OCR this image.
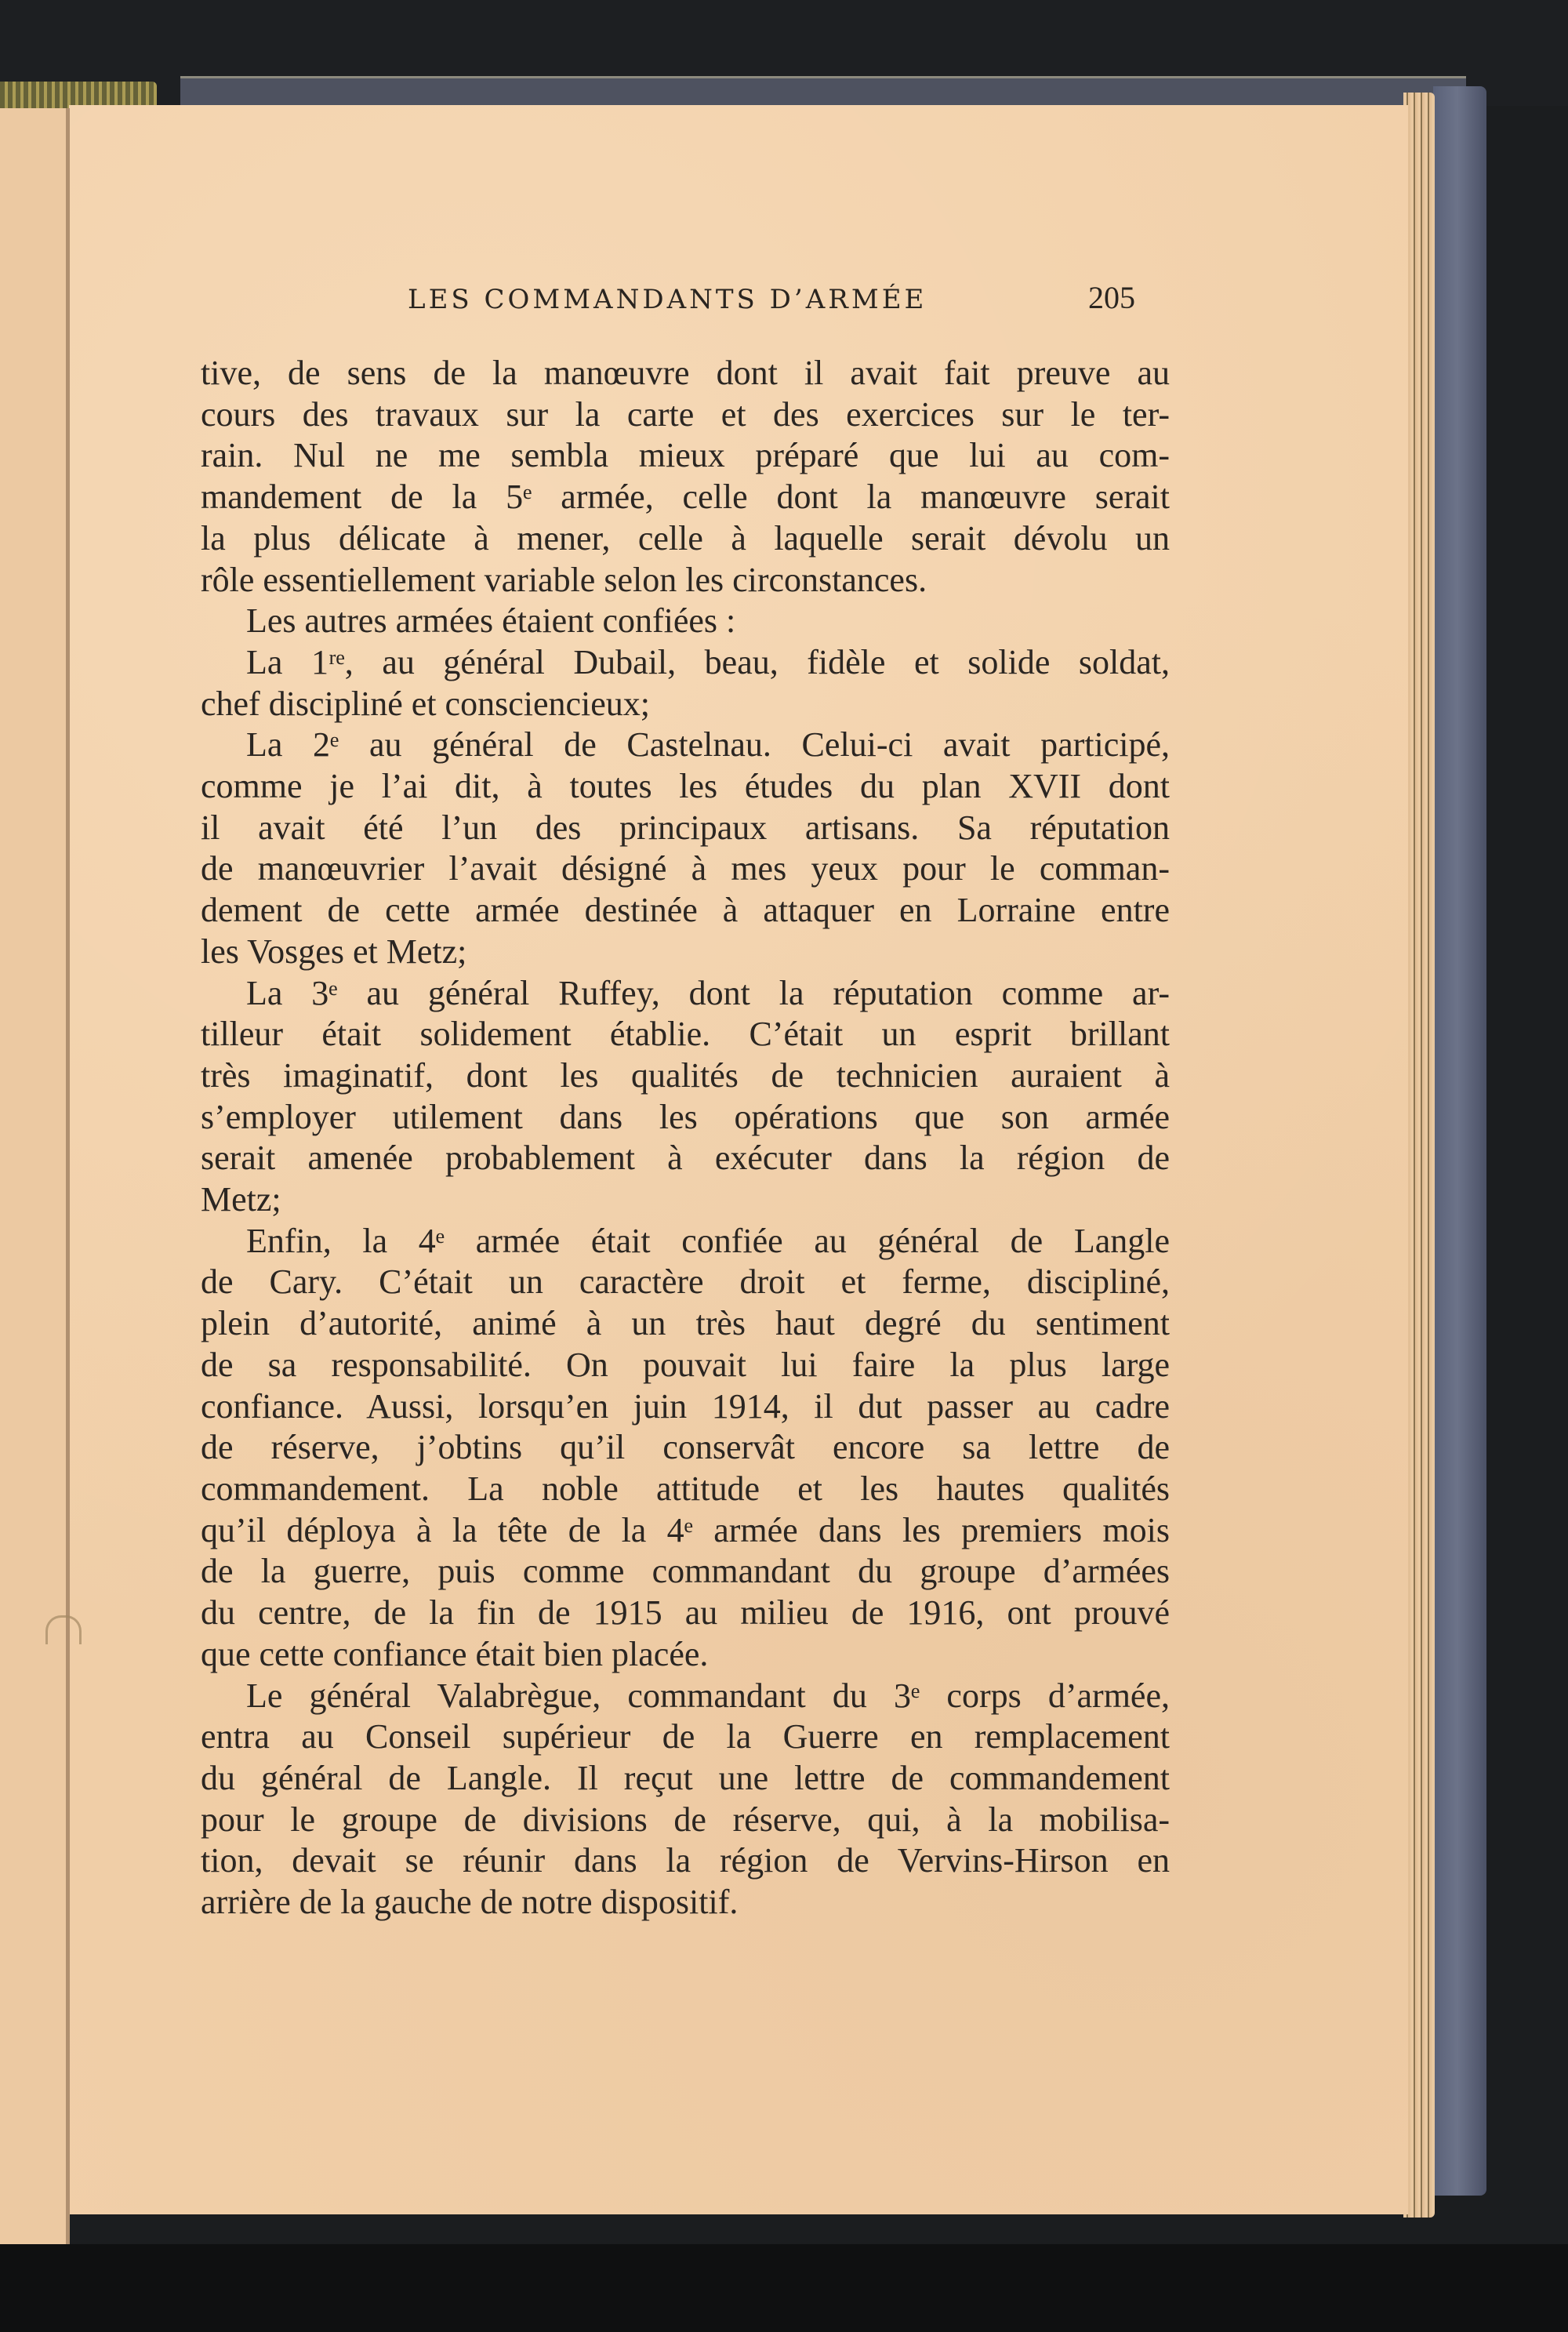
LES COMMANDANTS D’ARMÉE	205

tive, de sens de la manœuvre dont il avait fait preuve au
cours des travaux sur la carte et des exercices sur le ter-
rain. Nul ne me sembla mieux préparé que lui au com-
mandement de la 5ᵉ armée, celle dont la manœuvre serait
la plus délicate à mener, celle à laquelle serait dévolu un
rôle essentiellement variable selon les circonstances.

Les autres armées étaient confiées :

La 1ʳᵉ, au général Dubail, beau, fidèle et solide soldat,
chef discipliné et consciencieux;

La 2ᵉ au général de Castelnau. Celui-ci avait participé,
comme je l’ai dit, à toutes les études du plan XVII dont
il avait été l’un des principaux artisans. Sa réputation
de manœuvrier l’avait désigné à mes yeux pour le comman-
dement de cette armée destinée à attaquer en Lorraine entre
les Vosges et Metz;

La 3ᵉ au général Ruffey, dont la réputation comme ar-
tilleur était solidement établie. C’était un esprit brillant
très imaginatif, dont les qualités de technicien auraient à
s’employer utilement dans les opérations que son armée
serait amenée probablement à exécuter dans la région de
Metz;

Enfin, la 4ᵉ armée était confiée au général de Langle
de Cary. C’était un caractère droit et ferme, discipliné,
plein d’autorité, animé à un très haut degré du sentiment
de sa responsabilité. On pouvait lui faire la plus large
confiance. Aussi, lorsqu’en juin 1914, il dut passer au cadre
de réserve, j’obtins qu’il conservât encore sa lettre de
commandement. La noble attitude et les hautes qualités
qu’il déploya à la tête de la 4ᵉ armée dans les premiers mois
de la guerre, puis comme commandant du groupe d’armées
du centre, de la fin de 1915 au milieu de 1916, ont prouvé
que cette confiance était bien placée.

Le général Valabrègue, commandant du 3ᵉ corps d’armée,
entra au Conseil supérieur de la Guerre en remplacement
du général de Langle. Il reçut une lettre de commandement
pour le groupe de divisions de réserve, qui, à la mobilisa-
tion, devait se réunir dans la région de Vervins-Hirson en
arrière de la gauche de notre dispositif.
